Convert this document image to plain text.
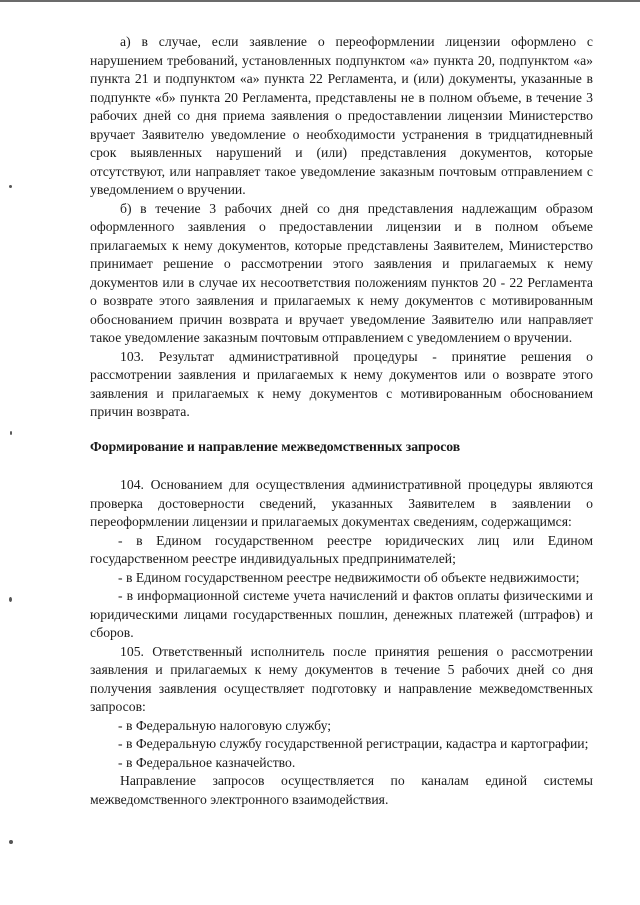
а) в случае, если заявление о переоформлении лицензии оформлено с нарушением требований, установленных подпунктом «а» пункта 20, подпунктом «а» пункта 21 и подпунктом «а» пункта 22 Регламента, и (или) документы, указанные в подпункте «б» пункта 20 Регламента, представлены не в полном объеме, в течение 3 рабочих дней со дня приема заявления о предоставлении лицензии Министерство вручает Заявителю уведомление о необходимости устранения в тридцатидневный срок выявленных нарушений и (или) представления документов, которые отсутствуют, или направляет такое уведомление заказным почтовым отправлением с уведомлением о вручении.

б) в течение 3 рабочих дней со дня представления надлежащим образом оформленного заявления о предоставлении лицензии и в полном объеме прилагаемых к нему документов, которые представлены Заявителем, Министерство принимает решение о рассмотрении этого заявления и прилагаемых к нему документов или в случае их несоответствия положениям пунктов 20 - 22 Регламента о возврате этого заявления и прилагаемых к нему документов с мотивированным обоснованием причин возврата и вручает уведомление Заявителю или направляет такое уведомление заказным почтовым отправлением с уведомлением о вручении.

103. Результат административной процедуры - принятие решения о рассмотрении заявления и прилагаемых к нему документов или о возврате этого заявления и прилагаемых к нему документов с мотивированным обоснованием причин возврата.

Формирование и направление межведомственных запросов

104. Основанием для осуществления административной процедуры являются проверка достоверности сведений, указанных Заявителем в заявлении о переоформлении лицензии и прилагаемых документах сведениям, содержащимся:

- в Едином государственном реестре юридических лиц или Едином государственном реестре индивидуальных предпринимателей;

- в Едином государственном реестре недвижимости об объекте недвижимости;

- в информационной системе учета начислений и фактов оплаты физическими и юридическими лицами государственных пошлин, денежных платежей (штрафов) и сборов.

105. Ответственный исполнитель после принятия решения о рассмотрении заявления и прилагаемых к нему документов в течение 5 рабочих дней со дня получения заявления осуществляет подготовку и направление межведомственных запросов:

- в Федеральную налоговую службу;

- в Федеральную службу государственной регистрации, кадастра и картографии;

- в Федеральное казначейство.

Направление запросов осуществляется по каналам единой системы межведомственного электронного взаимодействия.
